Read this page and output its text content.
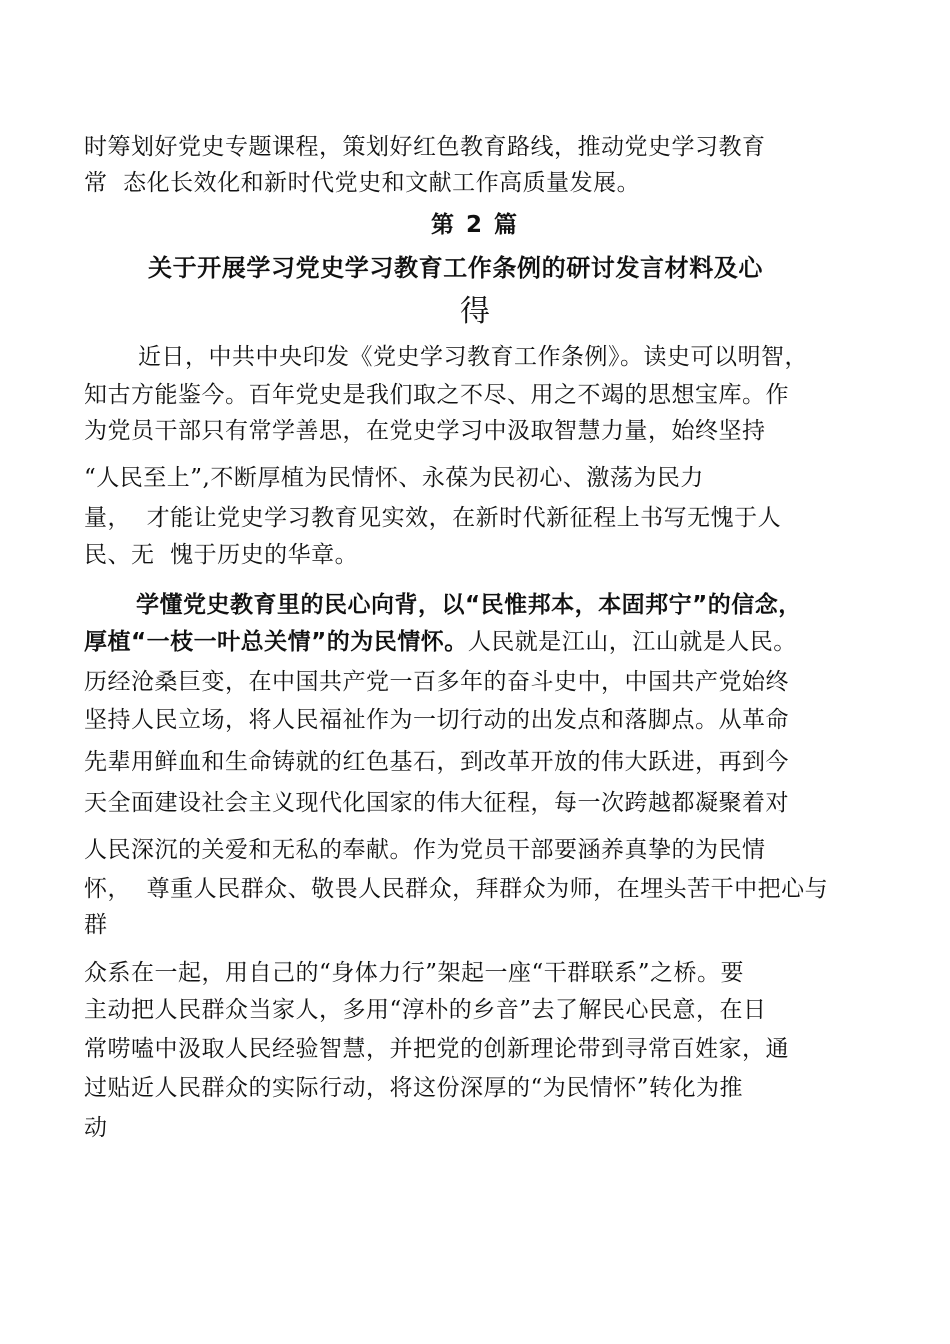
时筹划好党史专题课程，策划好红色教育路线，推动党史学习教育
常  态化长效化和新时代党史和文献工作高质量发展。
第 2 篇
关于开展学习党史学习教育工作条例的研讨发言材料及心
得
近日，中共中央印发《党史学习教育工作条例》。读史可以明智，
知古方能鉴今。百年党史是我们取之不尽、用之不竭的思想宝库。作
为党员干部只有常学善思，在党史学习中汲取智慧力量，始终坚持
“人民至上”,不断厚植为民情怀、永葆为民初心、激荡为民力
量，  才能让党史学习教育见实效，在新时代新征程上书写无愧于人
民、无  愧于历史的华章。
学懂党史教育里的民心向背，以“民惟邦本，本固邦宁”的信念，
厚植“一枝一叶总关情”的为民情怀。人民就是江山，江山就是人民。
历经沧桑巨变，在中国共产党一百多年的奋斗史中，中国共产党始终
坚持人民立场，将人民福祉作为一切行动的出发点和落脚点。从革命
先辈用鲜血和生命铸就的红色基石，到改革开放的伟大跃进，再到今
天全面建设社会主义现代化国家的伟大征程，每一次跨越都凝聚着对
人民深沉的关爱和无私的奉献。作为党员干部要涵养真挚的为民情
怀，  尊重人民群众、敬畏人民群众，拜群众为师，在埋头苦干中把心与
群
众系在一起，用自己的“身体力行”架起一座“干群联系”之桥。要
主动把人民群众当家人，多用“淳朴的乡音”去了解民心民意，在日
常唠嗑中汲取人民经验智慧，并把党的创新理论带到寻常百姓家，通
过贴近人民群众的实际行动，将这份深厚的“为民情怀”转化为推
动
